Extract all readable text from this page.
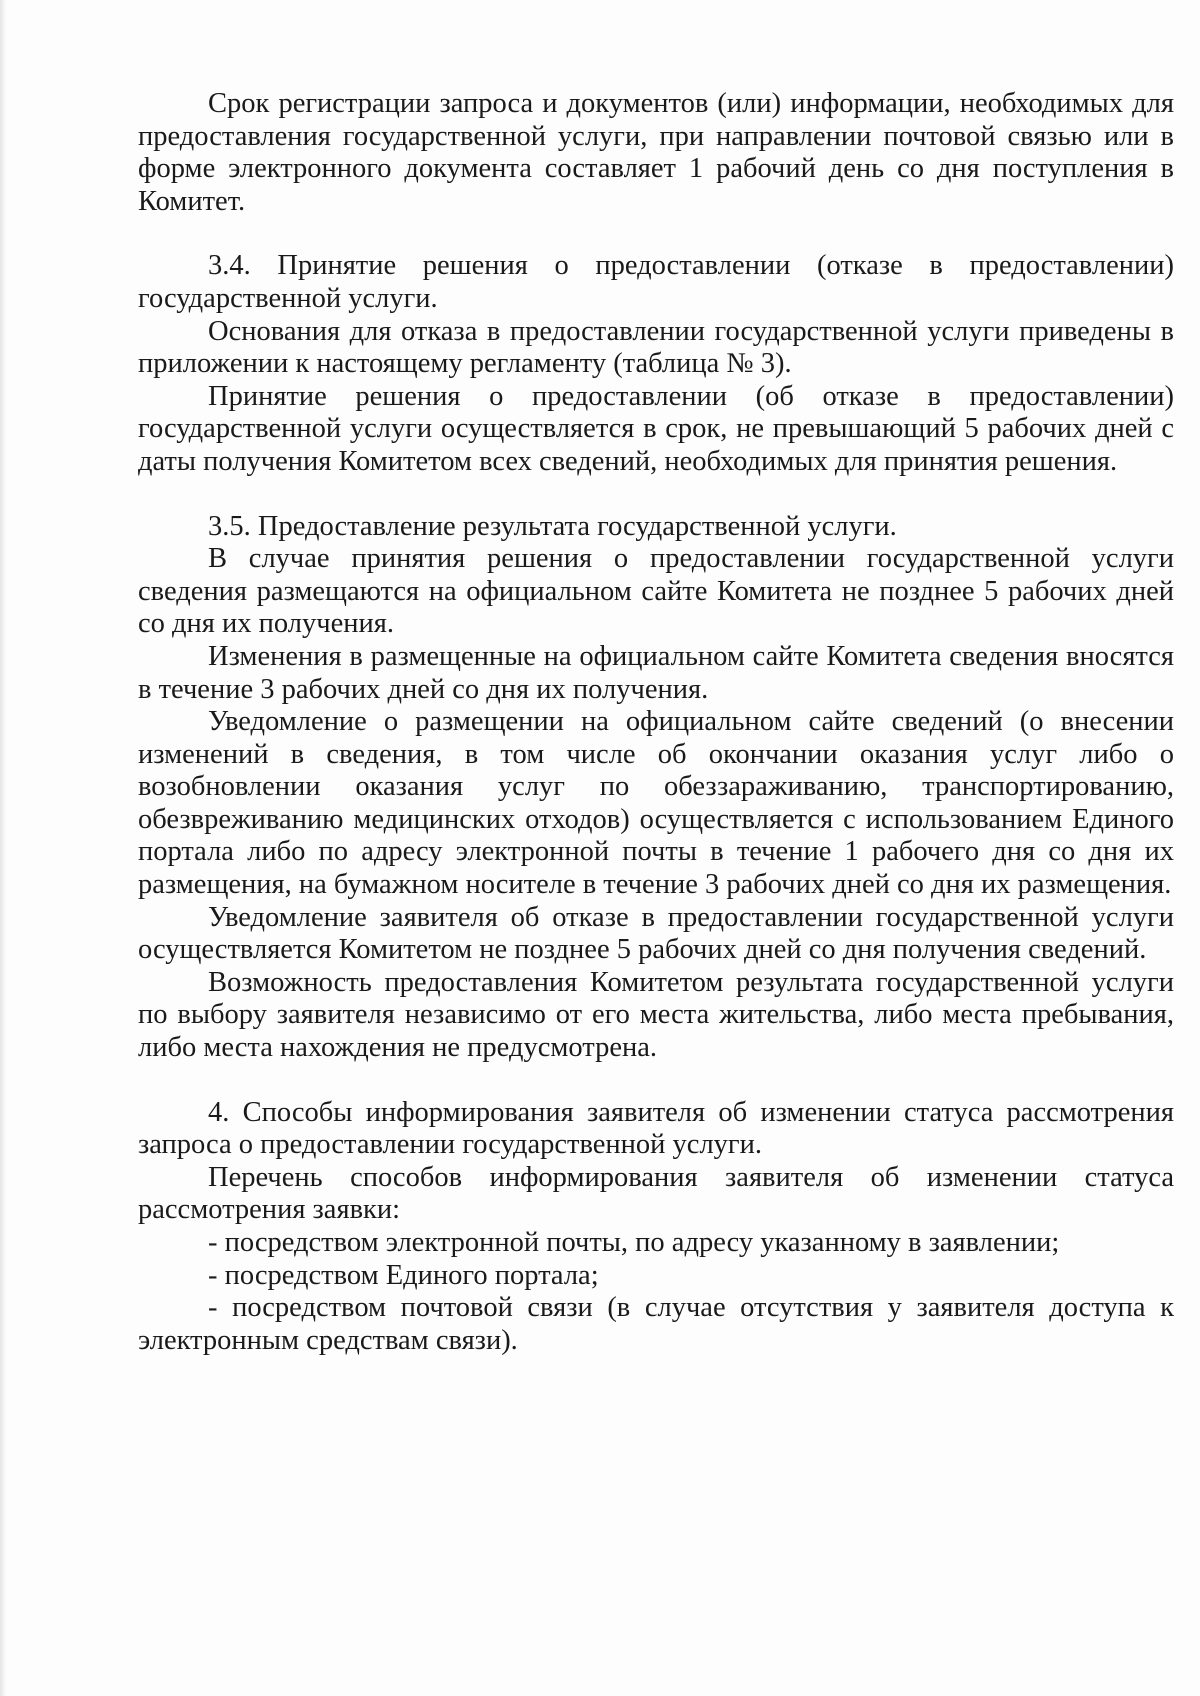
Срок регистрации запроса и документов (или) информации, необходимых для предоставления государственной услуги, при направлении почтовой связью или в форме электронного документа составляет 1 рабочий день со дня поступления в Комитет.

3.4. Принятие решения о предоставлении (отказе в предоставлении) государственной услуги.

Основания для отказа в предоставлении государственной услуги приведены в приложении к настоящему регламенту (таблица № 3).

Принятие решения о предоставлении (об отказе в предоставлении) государственной услуги осуществляется в срок, не превышающий 5 рабочих дней с даты получения Комитетом всех сведений, необходимых для принятия решения.

3.5. Предоставление результата государственной услуги.

В случае принятия решения о предоставлении государственной услуги сведения размещаются на официальном сайте Комитета не позднее 5 рабочих дней со дня их получения.

Изменения в размещенные на официальном сайте Комитета сведения вносятся в течение 3 рабочих дней со дня их получения.

Уведомление о размещении на официальном сайте сведений (о внесении изменений в сведения, в том числе об окончании оказания услуг либо о возобновлении оказания услуг по обеззараживанию, транспортированию, обезвреживанию медицинских отходов) осуществляется с использованием Единого портала либо по адресу электронной почты в течение 1 рабочего дня со дня их размещения, на бумажном носителе в течение 3 рабочих дней со дня их размещения.

Уведомление заявителя об отказе в предоставлении государственной услуги осуществляется Комитетом не позднее 5 рабочих дней со дня получения сведений.

Возможность предоставления Комитетом результата государственной услуги по выбору заявителя независимо от его места жительства, либо места пребывания, либо места нахождения не предусмотрена.

4. Способы информирования заявителя об изменении статуса рассмотрения запроса о предоставлении государственной услуги.

Перечень способов информирования заявителя об изменении статуса рассмотрения заявки:

- посредством электронной почты, по адресу указанному в заявлении;

- посредством Единого портала;

- посредством почтовой связи (в случае отсутствия у заявителя доступа к электронным средствам связи).
